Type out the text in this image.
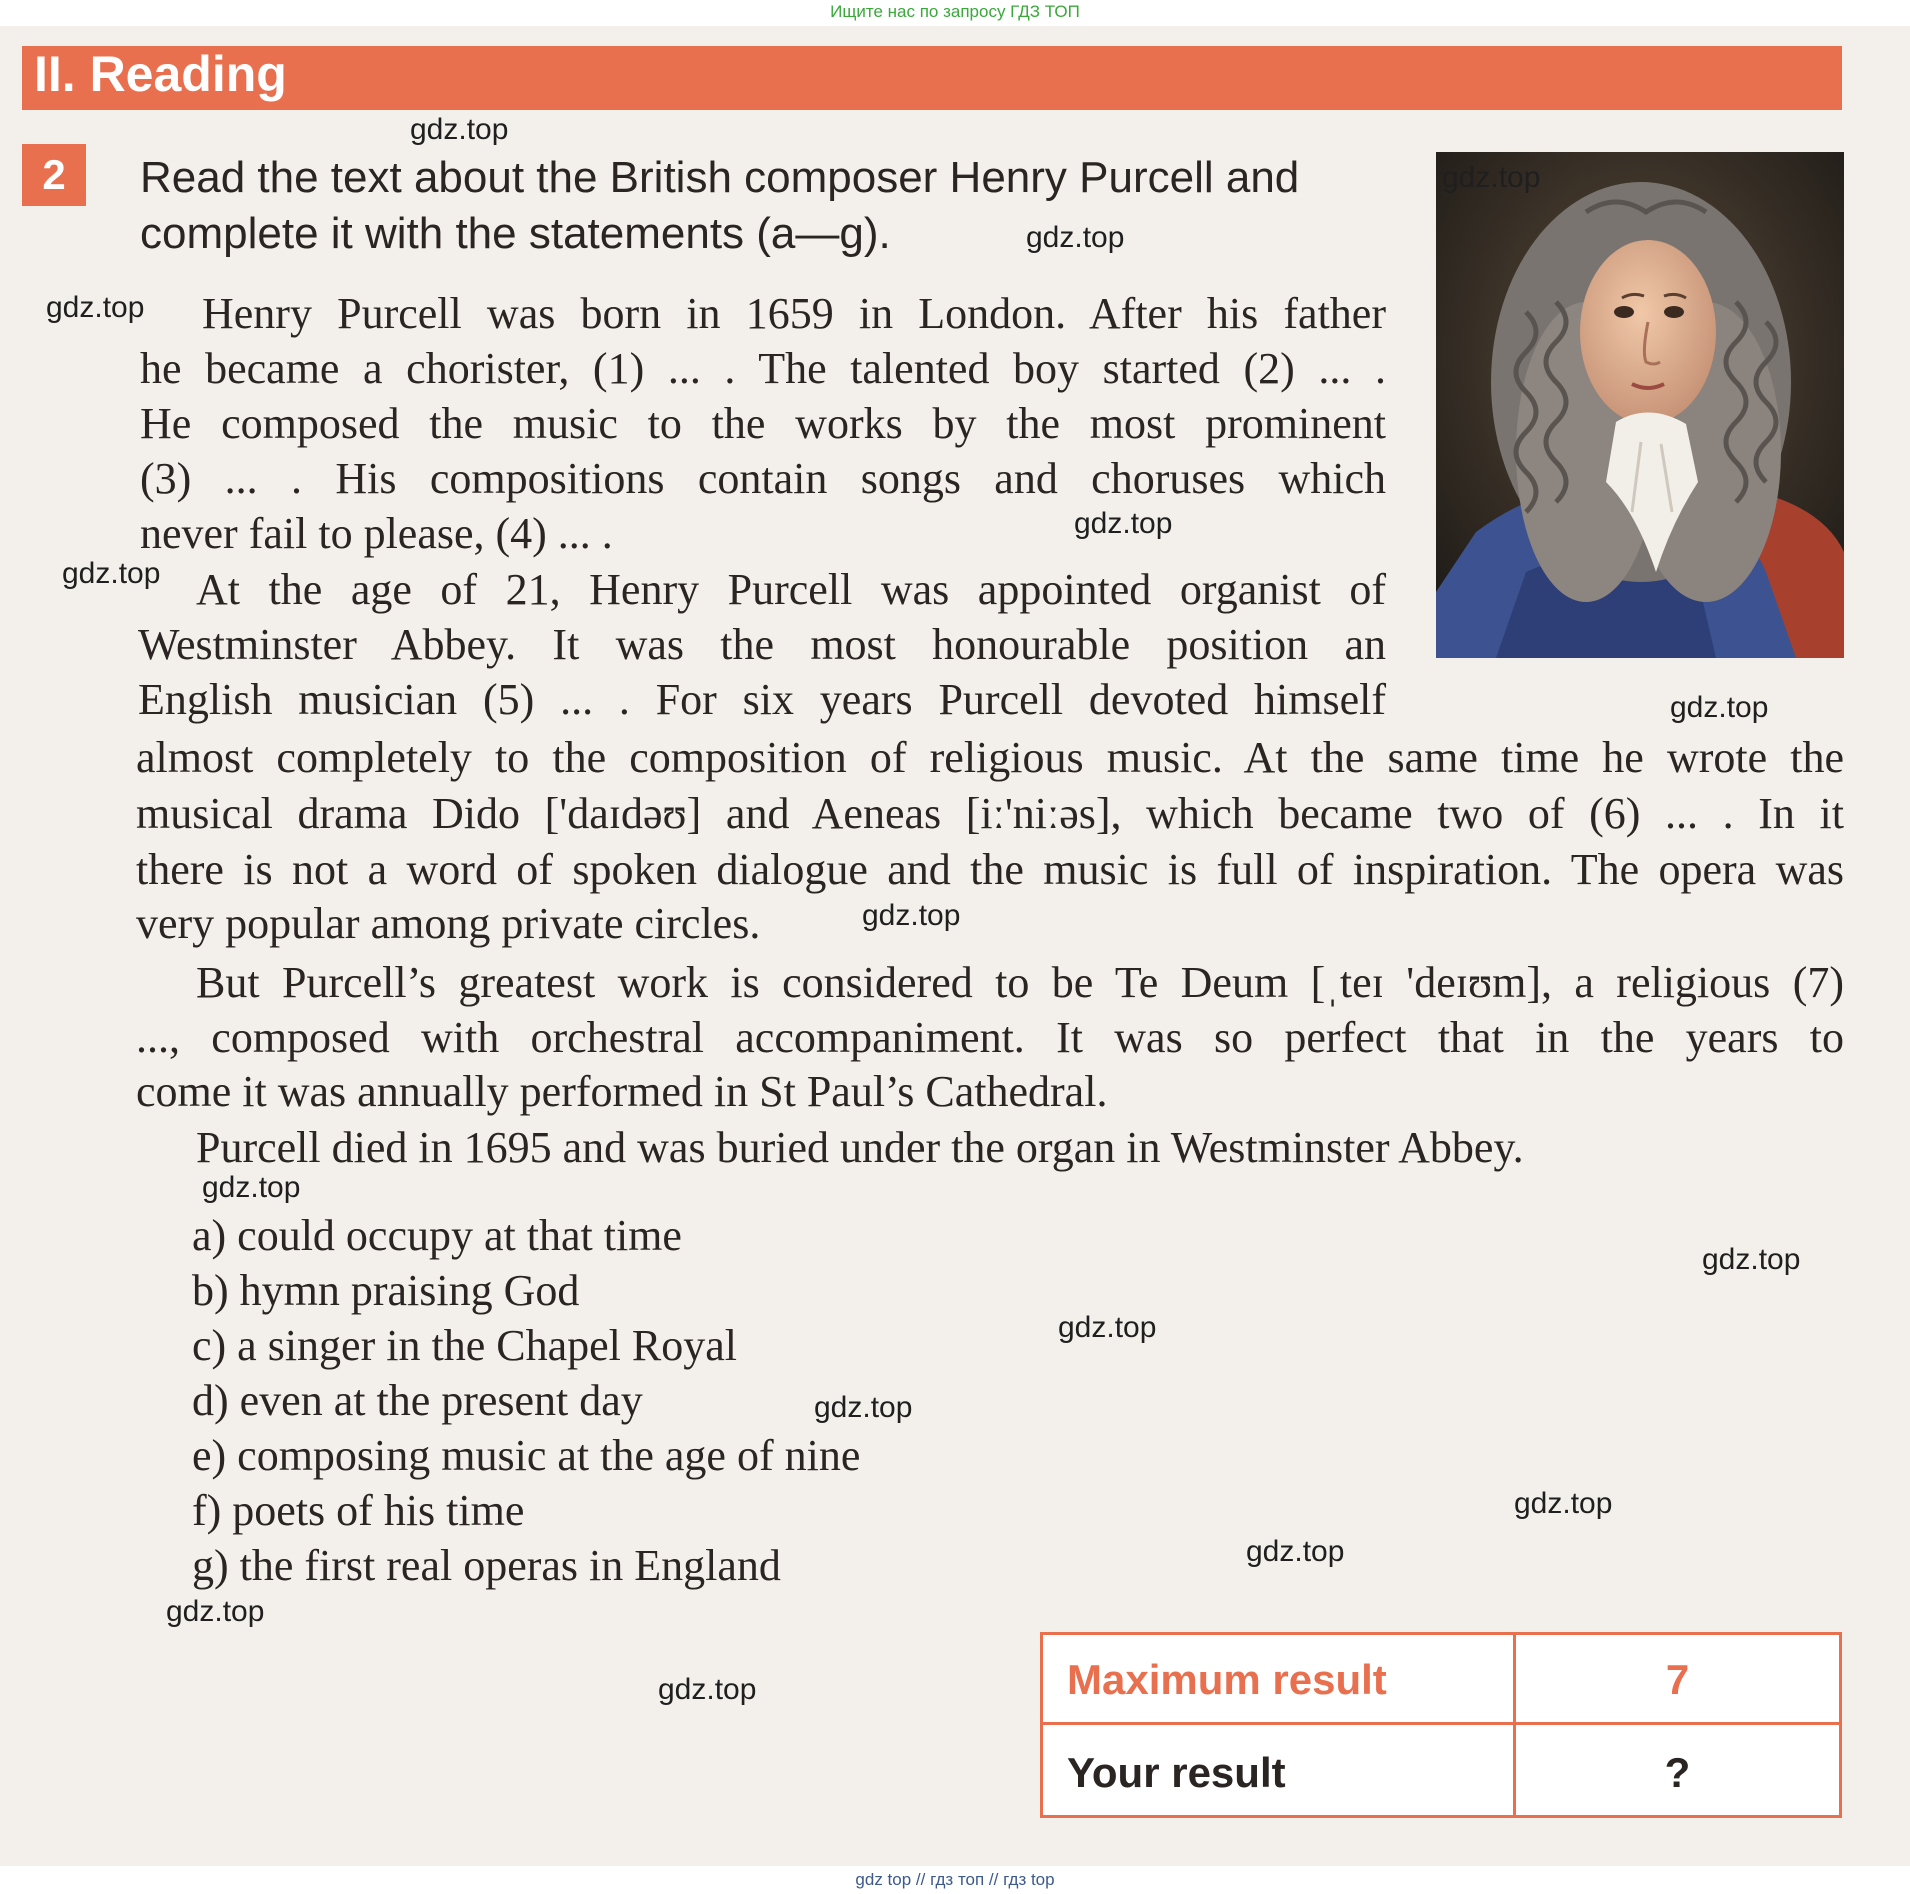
Ищите нас по запросу ГДЗ ТОП
II. Reading
2	Read the text about the British composer Henry Purcell and
complete it with the statements (a—g).
Henry Purcell was born in 1659 in London. After his father
he became a chorister, (1) ... . The talented boy started (2) ... .
He composed the music to the works by the most prominent
(3) ... . His compositions contain songs and choruses which
never fail to please, (4) ... .
At the age of 21, Henry Purcell was appointed organist of
Westminster Abbey. It was the most honourable position an
English musician (5) ... . For six years Purcell devoted himself
almost completely to the composition of religious music. At the same time he wrote the
musical drama Dido ['daɪdəʊ] and Aeneas [iː'niːəs], which became two of (6) ... . In it
there is not a word of spoken dialogue and the music is full of inspiration. The opera was
very popular among private circles.
But Purcell’s greatest work is considered to be Te Deum [ˌteɪ 'deɪʊm], a religious (7)
..., composed with orchestral accompaniment. It was so perfect that in the years to
come it was annually performed in St Paul’s Cathedral.
Purcell died in 1695 and was buried under the organ in Westminster Abbey.
a) could occupy at that time
b) hymn praising God
c) a singer in the Chapel Royal
d) even at the present day
e) composing music at the age of nine
f) poets of his time
g) the first real operas in England
Maximum result	7
Your result	?
gdz.top
gdz.top
gdz.top
gdz.top
gdz.top
gdz.top
gdz.top
gdz.top
gdz.top
gdz.top
gdz.top
gdz.top
gdz.top
gdz.top
gdz.top
gdz.top
gdz top // гдз топ // гдз top
